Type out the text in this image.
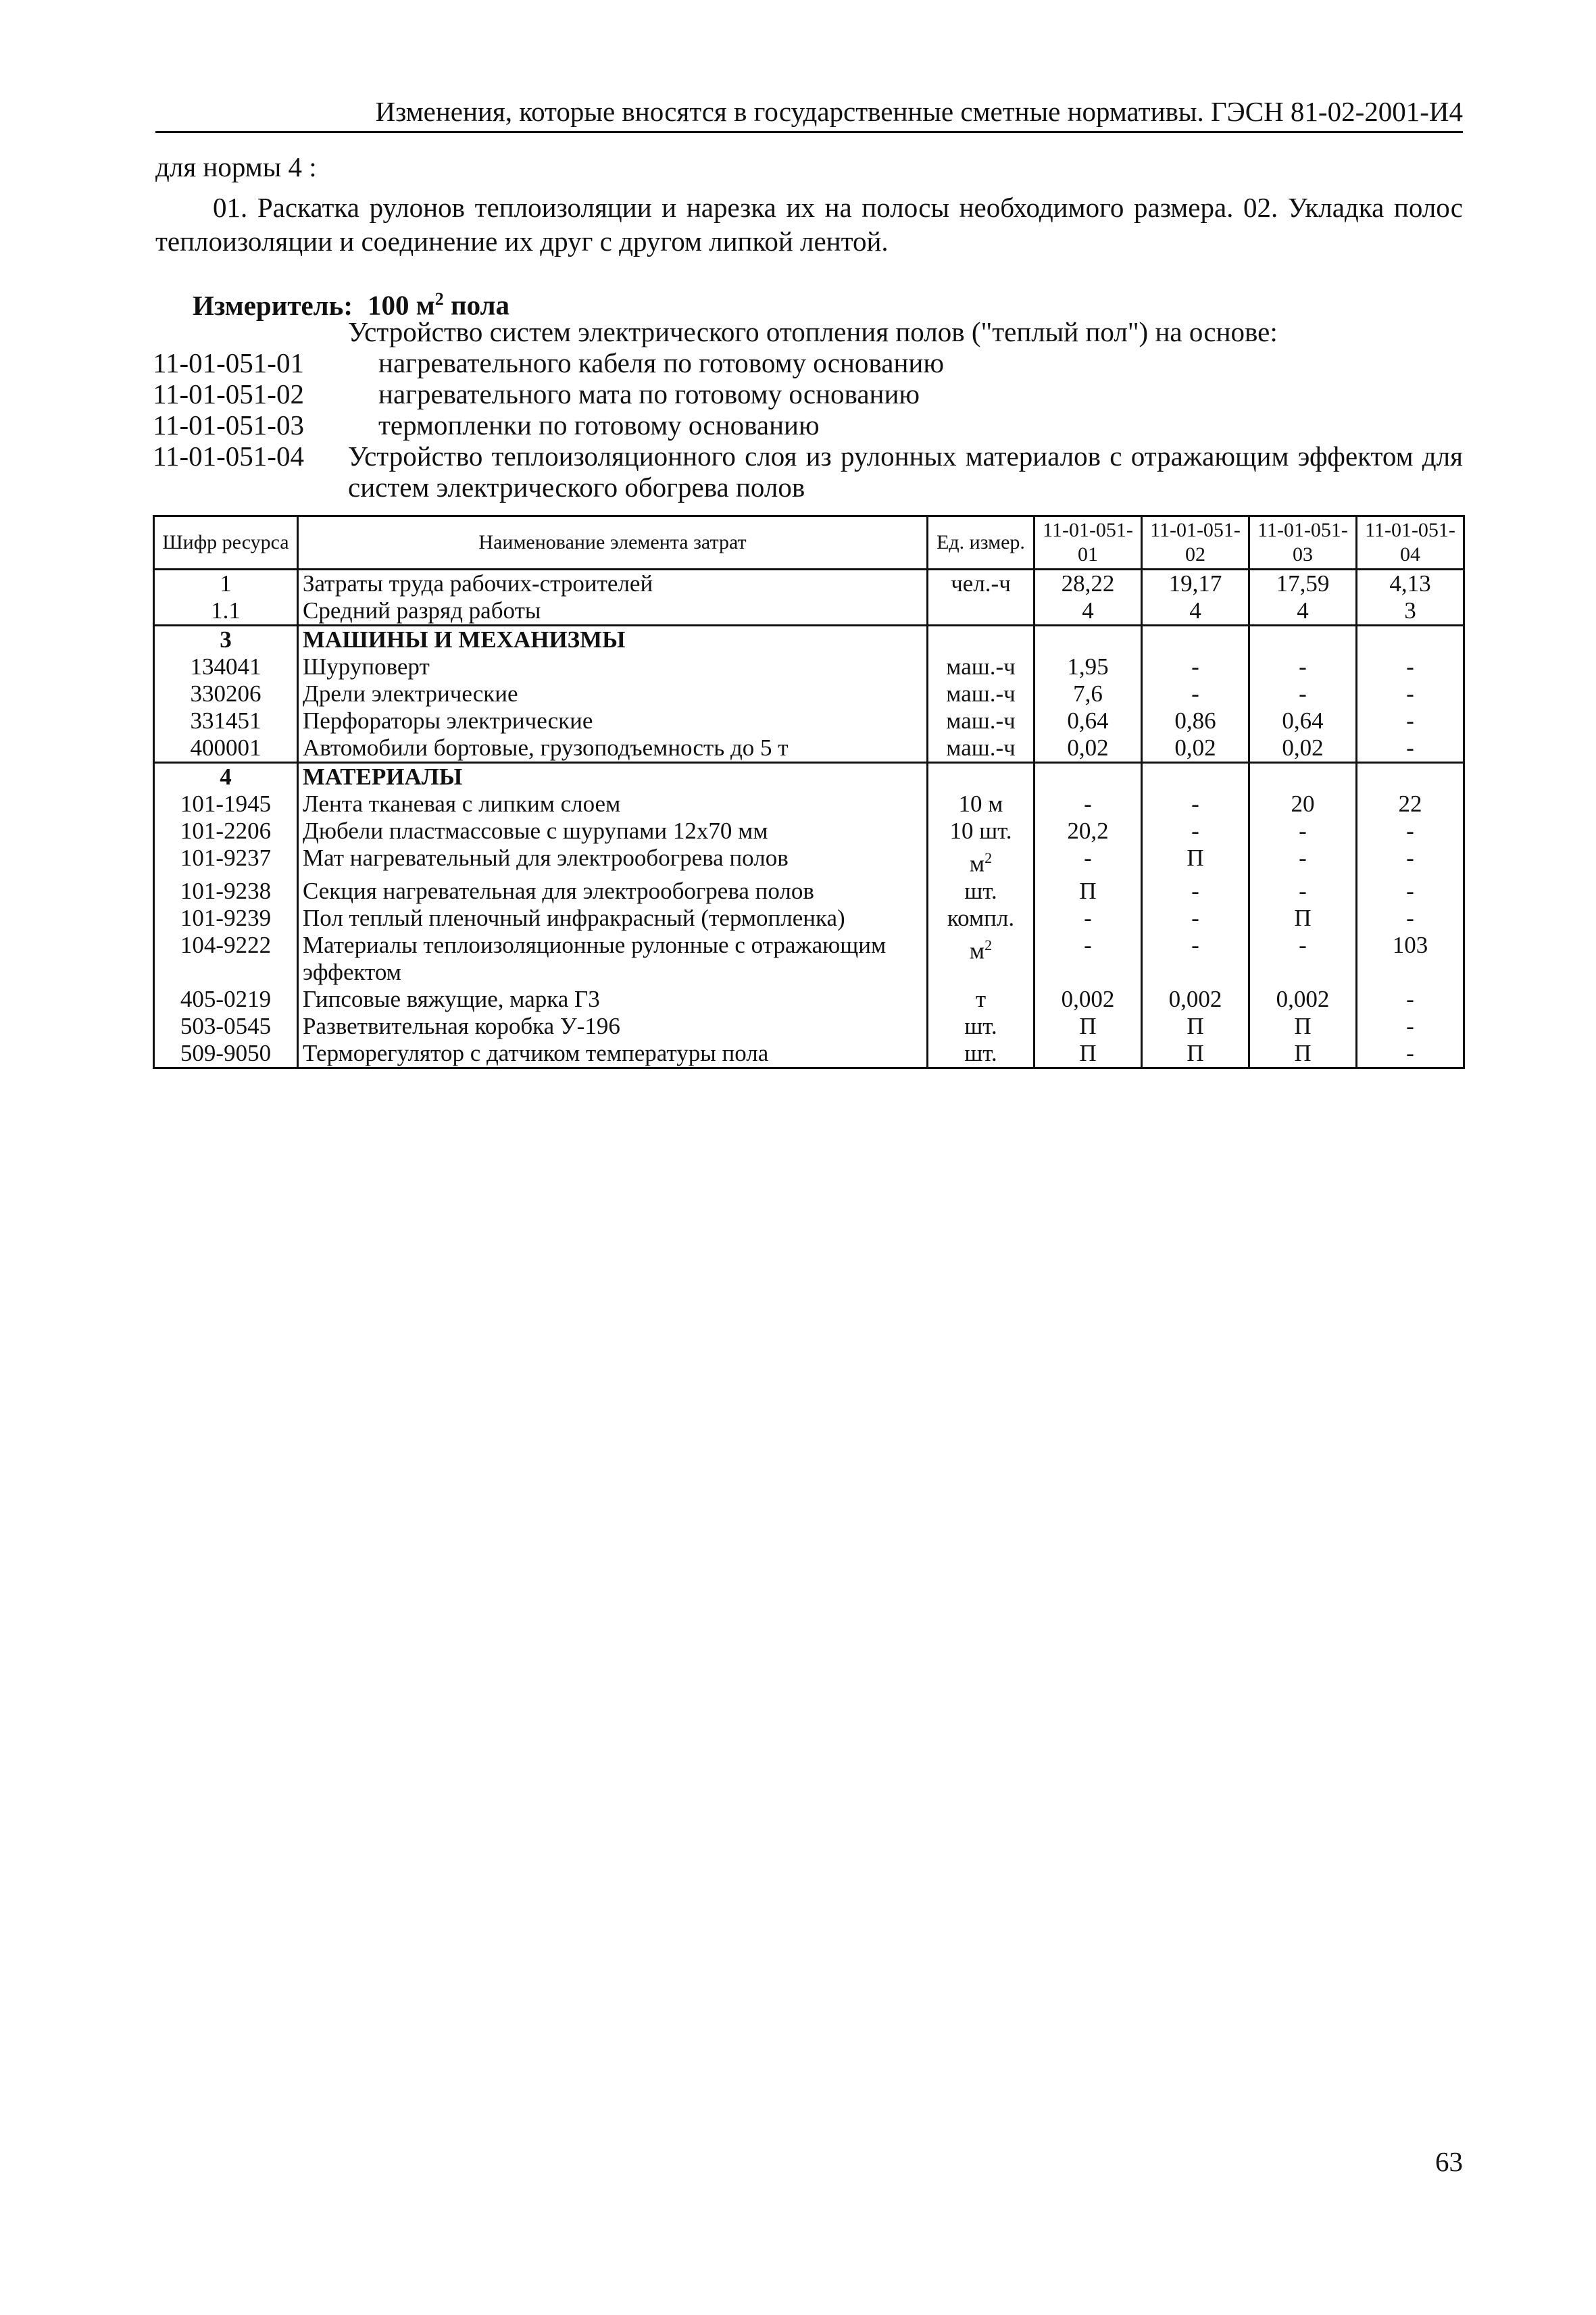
Изменения, которые вносятся в государственные сметные нормативы. ГЭСН 81-02-2001-И4

для нормы 4 :

01. Раскатка рулонов теплоизоляции и нарезка их на полосы необходимого размера. 02. Укладка полос теплоизоляции и соединение их друг с другом липкой лентой.

Измеритель: 100 $м^2$ пола
Устройство систем электрического отопления полов ("теплый пол") на основе:
11-01-051-01	нагревательного кабеля по готовому основанию
11-01-051-02	нагревательного мата по готовому основанию
11-01-051-03	термопленки по готовому основанию
11-01-051-04	Устройство теплоизоляционного слоя из рулонных материалов с отражающим эффектом для систем электрического обогрева полов
Шифр ресурса	Наименование элемента затрат	Ед. измер.	11-01-051-01	11-01-051-02	11-01-051-03	11-01-051-04
1	Затраты труда рабочих-строителей	чел.-ч	28,22	19,17	17,59	4,13
1.1	Средний разряд работы		4	4	4	3
3	МАШИНЫ И МЕХАНИЗМЫ					
134041	Шуруповерт	маш.-ч	1,95	-	-	-
330206	Дрели электрические	маш.-ч	7,6	-	-	-
331451	Перфораторы электрические	маш.-ч	0,64	0,86	0,64	-
400001	Автомобили бортовые, грузоподъемность до 5 т	маш.-ч	0,02	0,02	0,02	-
4	МАТЕРИАЛЫ					
101-1945	Лента тканевая с липким слоем	10 м	-	-	20	22
101-2206	Дюбели пластмассовые с шурупами 12х70 мм	10 шт.	20,2	-	-	-
101-9237	Мат нагревательный для электрообогрева полов	$м^2$	-	П	-	-
101-9238	Секция нагревательная для электрообогрева полов	шт.	П	-	-	-
101-9239	Пол теплый пленочный инфракрасный (термопленка)	компл.	-	-	П	-
104-9222	Материалы теплоизоляционные рулонные с отражающим эффектом	$м^2$	-	-	-	103
405-0219	Гипсовые вяжущие, марка Г3	т	0,002	0,002	0,002	-
503-0545	Разветвительная коробка У-196	шт.	П	П	П	-
509-9050	Терморегулятор с датчиком температуры пола	шт.	П	П	П	-
63
